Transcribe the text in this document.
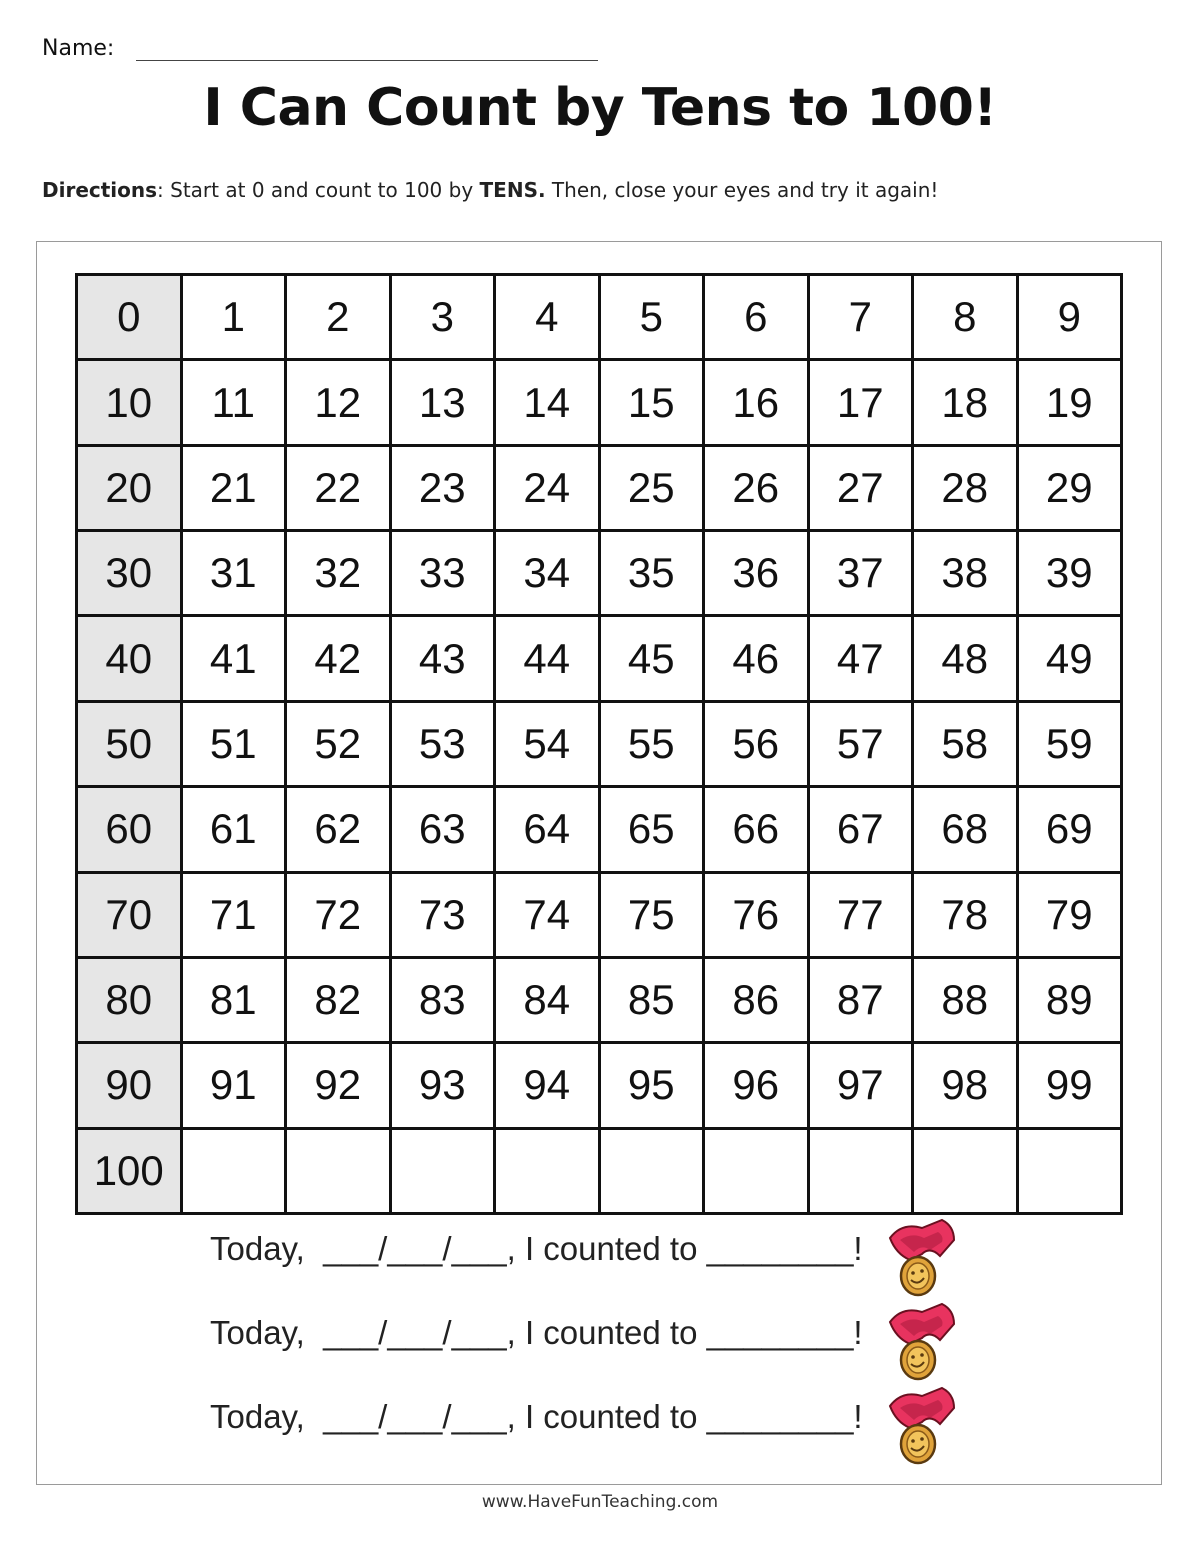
Name:
I Can Count by Tens to 100!
Directions: Start at 0 and count to 100 by TENS. Then, close your eyes and try it again!
0	1	2	3	4	5	6	7	8	9
10	11	12	13	14	15	16	17	18	19
20	21	22	23	24	25	26	27	28	29
30	31	32	33	34	35	36	37	38	39
40	41	42	43	44	45	46	47	48	49
50	51	52	53	54	55	56	57	58	59
60	61	62	63	64	65	66	67	68	69
70	71	72	73	74	75	76	77	78	79
80	81	82	83	84	85	86	87	88	89
90	91	92	93	94	95	96	97	98	99
100
Today,  ___/___/___, I counted to ________!
Today,  ___/___/___, I counted to ________!
Today,  ___/___/___, I counted to ________!
www.HaveFunTeaching.com
